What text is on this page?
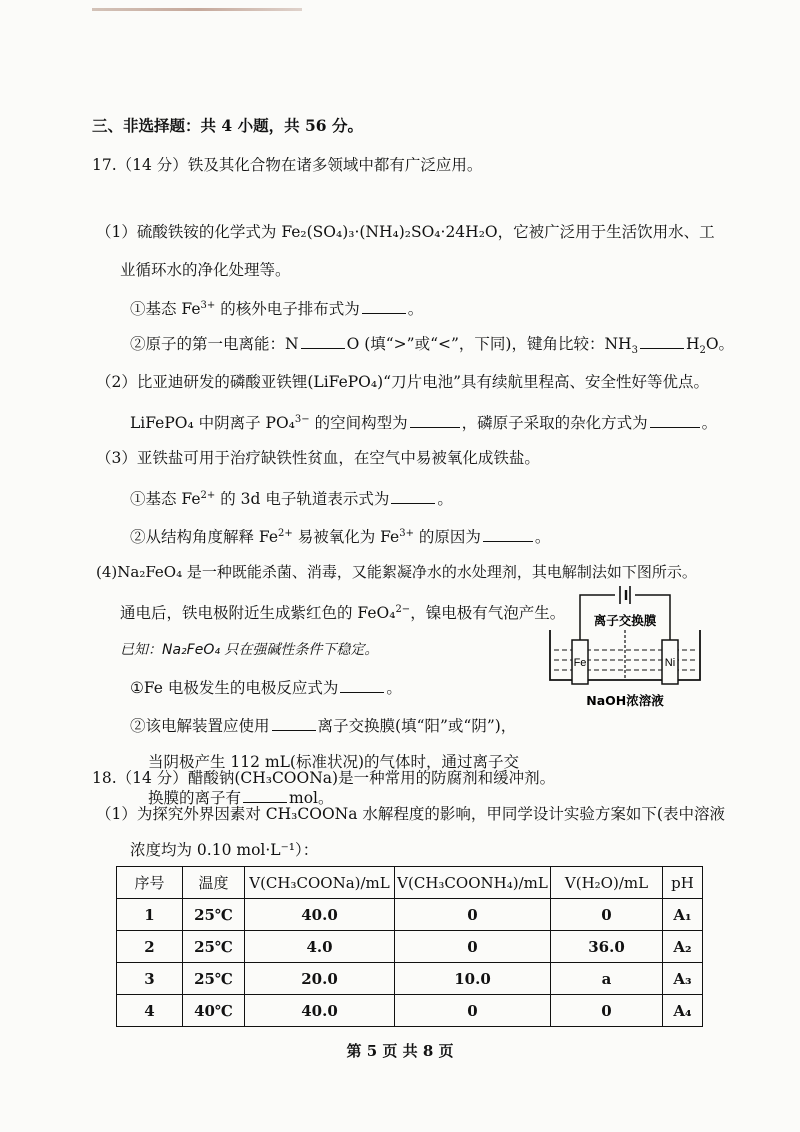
三、非选择题：共 4 小题，共 56 分。
17.（14 分）铁及其化合物在诸多领域中都有广泛应用。
（1）硫酸铁铵的化学式为 Fe₂(SO₄)₃·(NH₄)₂SO₄·24H₂O，它被广泛用于生活饮用水、工
业循环水的净化处理等。
①基态 $Fe^{3+}$ 的核外电子排布式为	。
②原子的第一电离能：N	O (填“>”或“<”，下同)，键角比较：$NH_3$	$H_2O$。
（2）比亚迪研发的磷酸亚铁锂(LiFePO₄)“刀片电池”具有续航里程高、安全性好等优点。
LiFePO₄ 中阴离子 PO₄$^{3-}$ 的空间构型为	，磷原子采取的杂化方式为	。
（3）亚铁盐可用于治疗缺铁性贫血，在空气中易被氧化成铁盐。
①基态 $Fe^{2+}$ 的 3d 电子轨道表示式为	。
②从结构角度解释 $Fe^{2+}$ 易被氧化为 $Fe^{3+}$ 的原因为	。
(4)Na₂FeO₄ 是一种既能杀菌、消毒，又能絮凝净水的水处理剂，其电解制法如下图所示。
通电后，铁电极附近生成紫红色的 FeO₄$^{2-}$，镍电极有气泡产生。
已知：Na₂FeO₄ 只在强碱性条件下稳定。
①Fe 电极发生的电极反应式为	。
②该电解装置应使用	离子交换膜(填“阳”或“阴”)，
当阴极产生 112 mL(标准状况)的气体时，通过离子交
换膜的离子有	mol。
Fe	Ni
离子交换膜
NaOH浓溶液
18.（14 分）醋酸钠(CH₃COONa)是一种常用的防腐剂和缓冲剂。
（1）为探究外界因素对 CH₃COONa 水解程度的影响，甲同学设计实验方案如下(表中溶液
浓度均为 0.10 mol·L⁻¹）：
序号	温度	V(CH₃COONa)/mL	V(CH₃COONH₄)/mL	V(H₂O)/mL	pH
1	25℃	40.0	0	0	A₁
2	25℃	4.0	0	36.0	A₂
3	25℃	20.0	10.0	a	A₃
4	40℃	40.0	0	0	A₄
第 5 页 共 8 页
